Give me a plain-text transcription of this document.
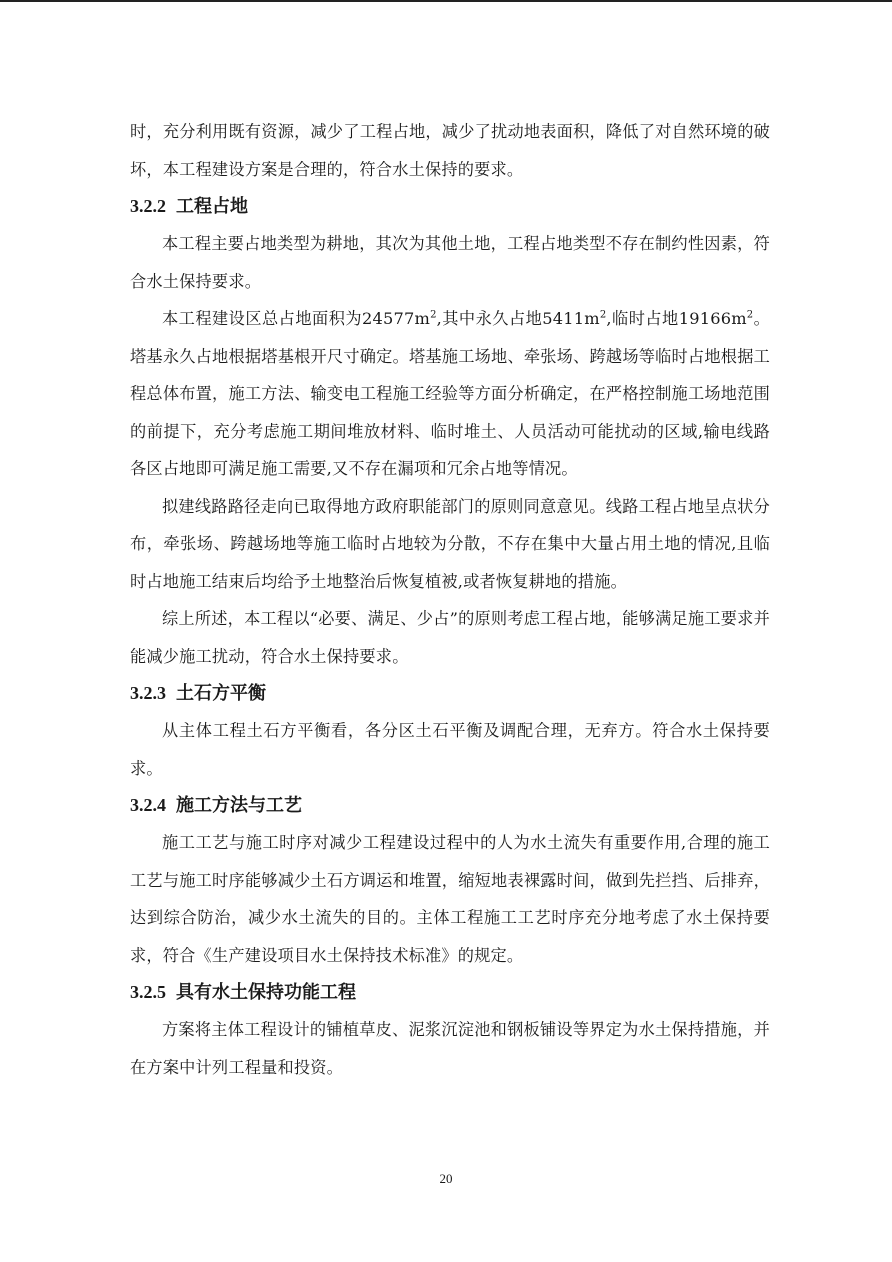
时，充分利用既有资源，减少了工程占地，减少了扰动地表面积，降低了对自然环境的破坏，本工程建设方案是合理的，符合水土保持的要求。

3.2.2 工程占地

本工程主要占地类型为耕地，其次为其他土地，工程占地类型不存在制约性因素，符合水土保持要求。

本工程建设区总占地面积为$24577m^2$,其中永久占地$5411m^2$,临时占地$19166m^2$。塔基永久占地根据塔基根开尺寸确定。塔基施工场地、牵张场、跨越场等临时占地根据工程总体布置，施工方法、输变电工程施工经验等方面分析确定，在严格控制施工场地范围的前提下，充分考虑施工期间堆放材料、临时堆土、人员活动可能扰动的区域,输电线路各区占地即可满足施工需要,又不存在漏项和冗余占地等情况。

拟建线路路径走向已取得地方政府职能部门的原则同意意见。线路工程占地呈点状分布，牵张场、跨越场地等施工临时占地较为分散，不存在集中大量占用土地的情况,且临时占地施工结束后均给予土地整治后恢复植被,或者恢复耕地的措施。

综上所述，本工程以“必要、满足、少占”的原则考虑工程占地，能够满足施工要求并能减少施工扰动，符合水土保持要求。

3.2.3 土石方平衡

从主体工程土石方平衡看，各分区土石平衡及调配合理，无弃方。符合水土保持要求。

3.2.4 施工方法与工艺

施工工艺与施工时序对减少工程建设过程中的人为水土流失有重要作用,合理的施工工艺与施工时序能够减少土石方调运和堆置，缩短地表裸露时间，做到先拦挡、后排弃，达到综合防治，减少水土流失的目的。主体工程施工工艺时序充分地考虑了水土保持要求，符合《生产建设项目水土保持技术标准》的规定。

3.2.5 具有水土保持功能工程

方案将主体工程设计的铺植草皮、泥浆沉淀池和钢板铺设等界定为水土保持措施，并在方案中计列工程量和投资。

20
